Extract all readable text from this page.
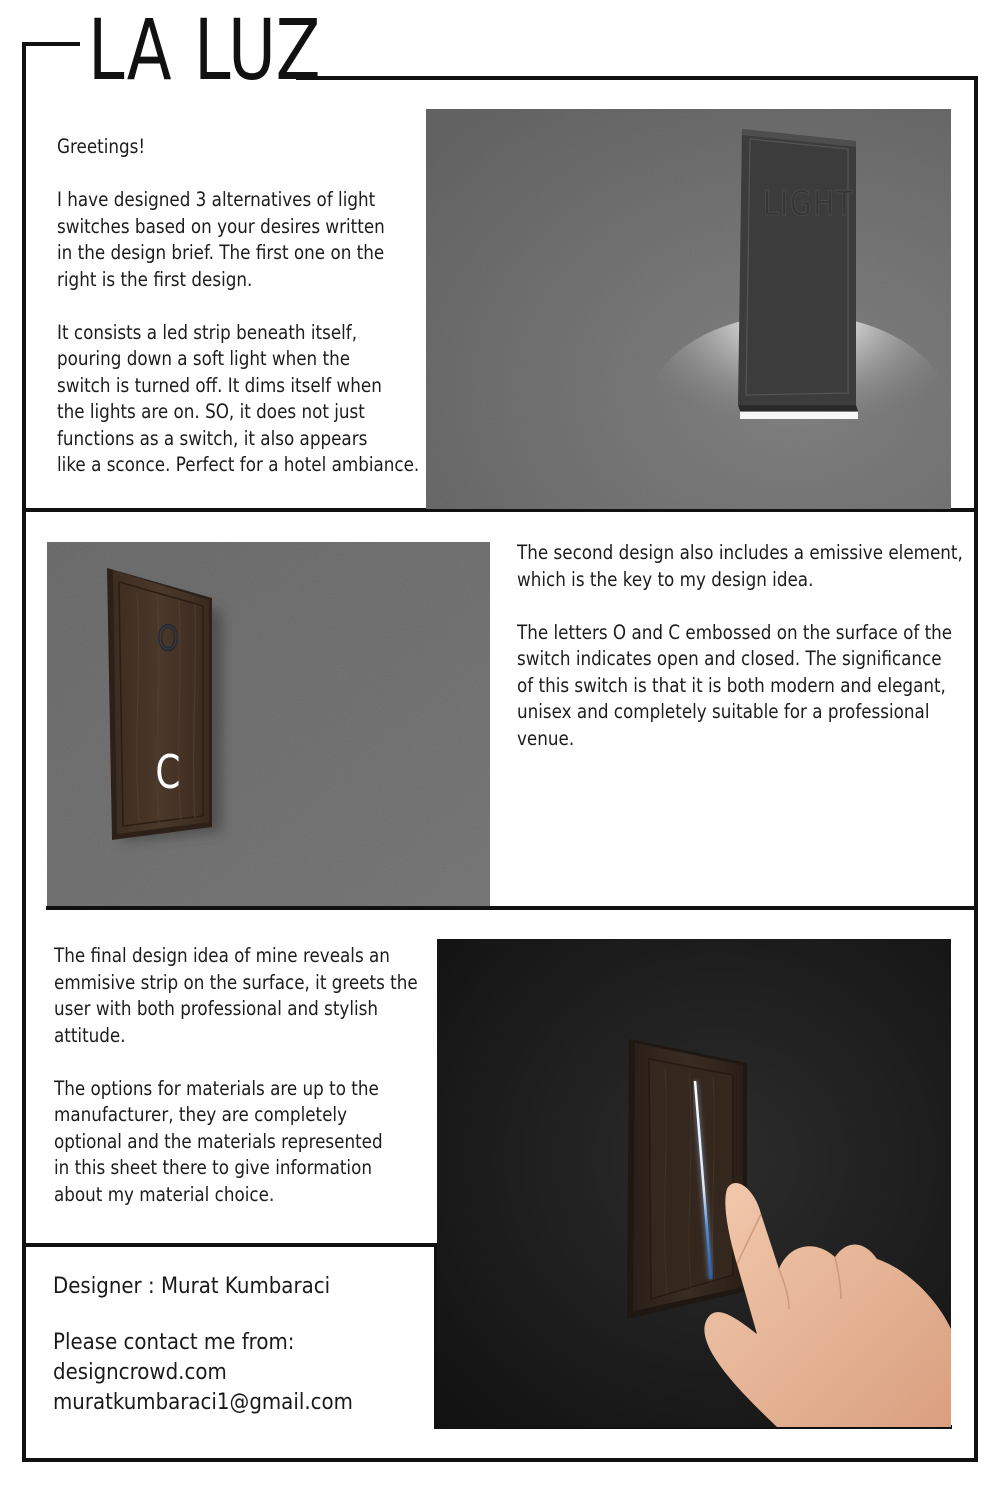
LA LUZ

Greetings!

I have designed 3 alternatives of light
switches based on your desires written
in the design brief. The first one on the
right is the first design.

It consists a led strip beneath itself,
pouring down a soft light when the
switch is turned off. It dims itself when
the lights are on. SO, it does not just
functions as a switch, it also appears
like a sconce. Perfect for a hotel ambiance.

LIGHT
O
C

The second design also includes a emissive element,
which is the key to my design idea.

The letters O and C embossed on the surface of the
switch indicates open and closed. The significance
of this switch is that it is both modern and elegant,
unisex and completely suitable for a professional
venue.

The final design idea of mine reveals an
emmisive strip on the surface, it greets the
user with both professional and stylish
attitude.

The options for materials are up to the
manufacturer, they are completely
optional and the materials represented
in this sheet there to give information
about my material choice.

Designer : Murat Kumbaraci
Please contact me from:
designcrowd.com
muratkumbaraci1@gmail.com
